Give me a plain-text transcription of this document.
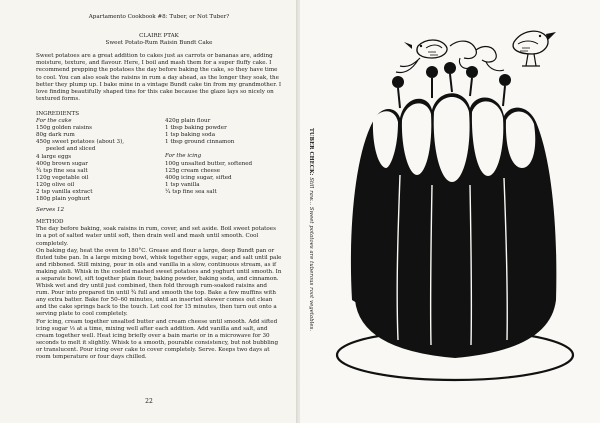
Apartamento Cookbook #8: Tuber, or Not Tuber?

CLAIRE PTAK

Sweet Potato-Rum Raisin Bundt Cake

Sweet potatoes are a great addition to cakes just as carrots or bananas are, adding moisture, texture, and flavour. Here, I boil and mash them for a super fluffy cake. I recommend prepping the potatoes the day before baking the cake, so they have time to cool. You can also soak the raisins in rum a day ahead, as the longer they soak, the better they plump up. I bake mine in a vintage Bundt cake tin from my grandmother. I love finding beautifully shaped tins for this cake because the glaze lays so nicely on textured forms.

INGREDIENTS

For the cake

150g golden raisins

80g dark rum

450g sweet potatoes (about 3),

peeled and sliced

4 large eggs

400g brown sugar

¾ tsp fine sea salt

120g vegetable oil

120g olive oil

2 tsp vanilla extract

180g plain yoghurt

420g plain flour

1 tbsp baking powder

1 tsp baking soda

1 tbsp ground cinnamon

For the icing

100g unsalted butter, softened

125g cream cheese

400g icing sugar, sifted

1 tsp vanilla

¼ tsp fine sea salt

Serves 12

METHOD

The day before baking, soak raisins in rum, cover, and set aside. Boil sweet potatoes in a pot of salted water until soft, then drain well and mash until smooth. Cool completely.

On baking day, heat the oven to 180°C. Grease and flour a large, deep Bundt pan or fluted tube pan. In a large mixing bowl, whisk together eggs, sugar, and salt until pale and ribboned. Still mixing, pour in oils and vanilla in a slow, continuous stream, as if making aïoli. Whisk in the cooled mashed sweet potatoes and yoghurt until smooth. In a separate bowl, sift together plain flour, baking powder, baking soda, and cinnamon. Whisk wet and dry until just combined, then fold through rum-soaked raisins and rum. Pour into prepared tin until ¾ full and smooth the top. Bake a few muffins with any extra batter. Bake for 50–60 minutes, until an inserted skewer comes out clean and the cake springs back to the touch. Let cool for 15 minutes, then turn out onto a serving plate to cool completely.

For icing, cream together unsalted butter and cream cheese until smooth. Add sifted icing sugar ⅓ at a time, mixing well after each addition. Add vanilla and salt, and cream together well. Heat icing briefly over a bain marie or in a microwave for 30 seconds to melt it slightly. Whisk to a smooth, pourable consistency, but not bubbling or translucent. Pour icing over cake to cover completely. Serve. Keeps two days at room temperature or four days chilled.

22
TUBER CHECK: Still raw... Sweet potatoes are tuberous root vegetables.
